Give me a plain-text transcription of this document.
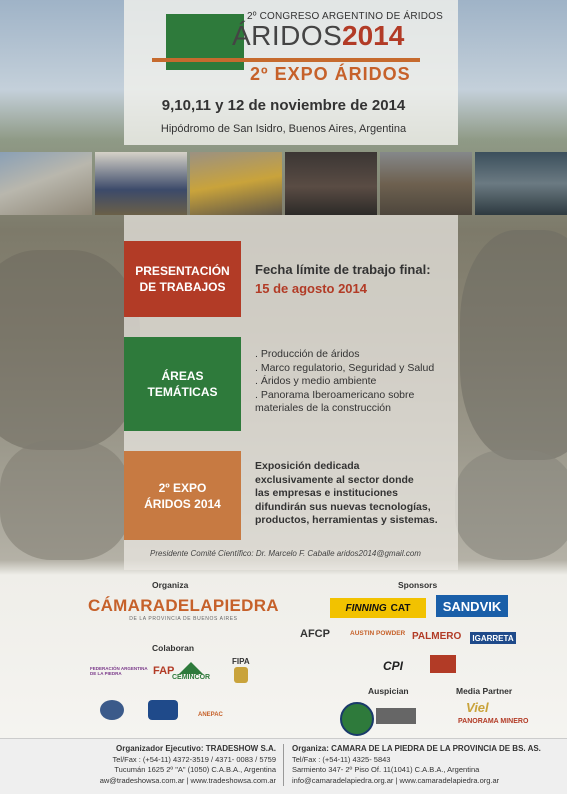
2º CONGRESO ARGENTINO DE ÁRIDOS
ÁRIDOS 2014
2º EXPO ÁRIDOS
9,10,11 y 12 de noviembre de 2014
Hipódromo de San Isidro, Buenos Aires, Argentina
PRESENTACIÓN
DE TRABAJOS
Fecha límite de trabajo final:
15 de agosto 2014
ÁREAS
TEMÁTICAS
. Producción de áridos
. Marco regulatorio, Seguridad y Salud
. Áridos y medio ambiente
. Panorama Iberoamericano sobre
materiales de la construcción
2º EXPO
ÁRIDOS 2014
Exposición dedicada
exclusivamente al sector donde
las empresas e instituciones
difundirán sus nuevas tecnologías,
productos, herramientas y sistemas.
Presidente Comité Científico: Dr. Marcelo F. Caballe aridos2014@gmail.com
Organiza
CÁMARADELAPIEDRA
DE LA PROVINCIA DE BUENOS AIRES
Sponsors
FINNING CAT SANDVIK
AFCP	AUSTIN POWDER PALMERO IGARRETA
CPI
Colaboran
FEDERACIÓN ARGENTINA DE LA PIEDRA	FAP
CEMINCOR
FIPA
ANEPAC
Auspician	Media Partner
Viel
PANORAMA MINERO
Organizador Ejecutivo: TRADESHOW S.A.
Tel/Fax : (+54-11) 4372-3519 / 4371- 0083 / 5759
Tucumán 1625 2º "A" (1050) C.A.B.A., Argentina
aw@tradeshowsa.com.ar | www.tradeshowsa.com.ar
Organiza: CAMARA DE LA PIEDRA DE LA PROVINCIA DE BS. AS.
Tel/Fax : (+54-11) 4325- 5843
Sarmiento 347- 2º Piso Of. 11(1041) C.A.B.A., Argentina
info@camaradelapiedra.org.ar | www.camaradelapiedra.org.ar
